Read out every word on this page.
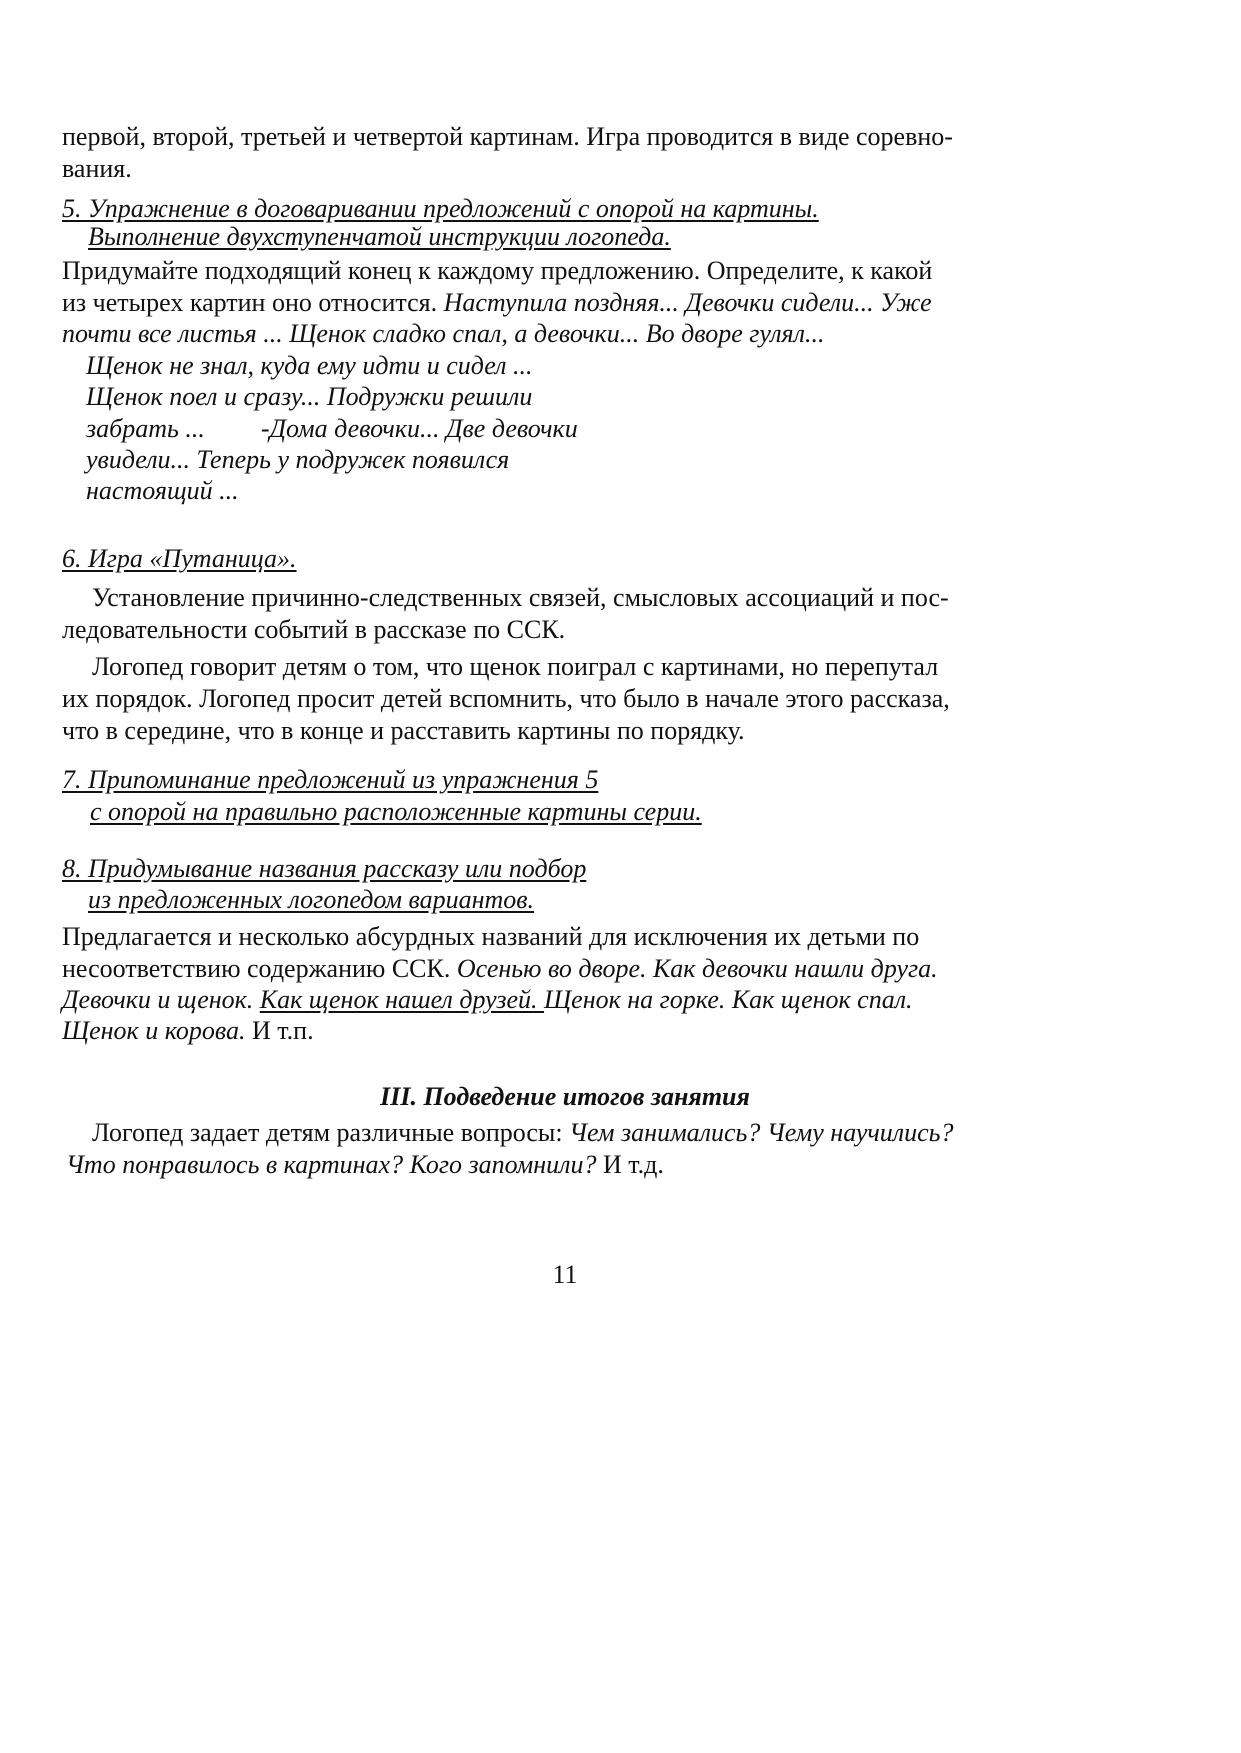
первой, второй, третьей и четвертой картинам. Игра проводится в виде соревно-

вания.

5. Упражнение в договаривании предложений с опорой на картины.

Выполнение двухступенчатой инструкции логопеда.

Придумайте подходящий конец к каждому предложению. Определите, к какой

из четырех картин оно относится. Наступила поздняя... Девочки сидели... Уже

почти все листья ... Щенок сладко спал, а девочки... Во дворе гулял...

Щенок не знал, куда ему идти и сидел ...

Щенок поел и сразу... Подружки решили

забрать ... -Дома девочки... Две девочки

увидели... Теперь у подружек появился

настоящий ...

6. Игра «Путаница».

Установление причинно-следственных связей, смысловых ассоциаций и пос-

ледовательности событий в рассказе по ССК.

Логопед говорит детям о том, что щенок поиграл с картинами, но перепутал

их порядок. Логопед просит детей вспомнить, что было в начале этого рассказа,

что в середине, что в конце и расставить картины по порядку.

7. Припоминание предложений из упражнения 5

с опорой на правильно расположенные картины серии.

8. Придумывание названия рассказу или подбор

из предложенных логопедом вариантов.

Предлагается и несколько абсурдных названий для исключения их детьми по

несоответствию содержанию ССК. Осенью во дворе. Как девочки нашли друга.

Девочки и щенок. Как щенок нашел друзей. Щенок на горке. Как щенок спал.

Щенок и корова. И т.п.

III. Подведение итогов занятия

Логопед задает детям различные вопросы: Чем занимались? Чему научились?

Что понравилось в картинах? Кого запомнили? И т.д.

11
